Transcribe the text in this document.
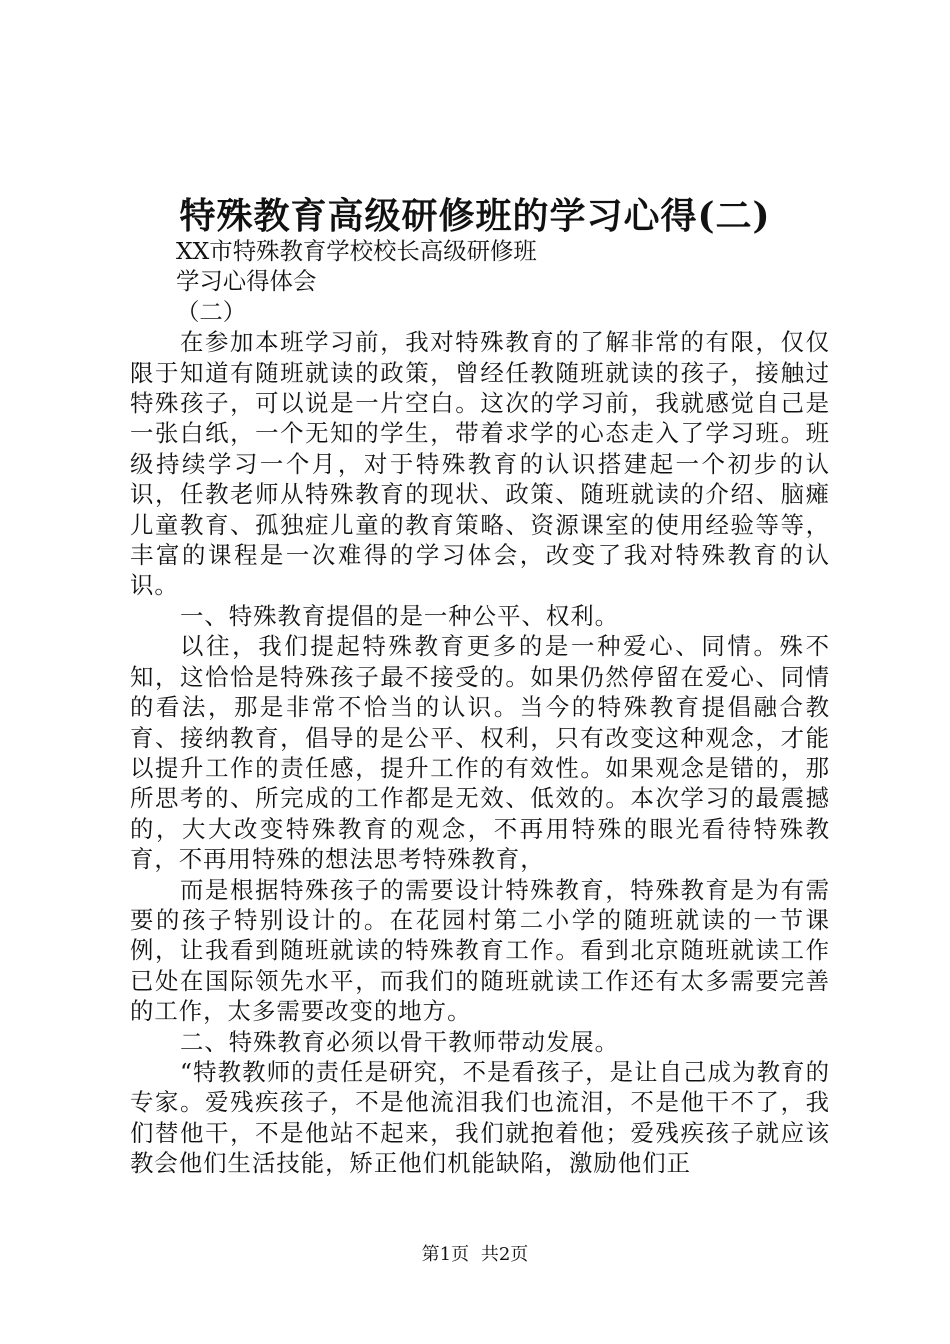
特殊教育高级研修班的学习心得(二)

XX市特殊教育学校校长高级研修班

学习心得体会

（二）

在参加本班学习前，我对特殊教育的了解非常的有限，仅仅限于知道有随班就读的政策，曾经任教随班就读的孩子，接触过特殊孩子，可以说是一片空白。这次的学习前，我就感觉自己是一张白纸，一个无知的学生，带着求学的心态走入了学习班。班级持续学习一个月，对于特殊教育的认识搭建起一个初步的认识，任教老师从特殊教育的现状、政策、随班就读的介绍、脑瘫儿童教育、孤独症儿童的教育策略、资源课室的使用经验等等，丰富的课程是一次难得的学习体会，改变了我对特殊教育的认识。

一、特殊教育提倡的是一种公平、权利。

以往，我们提起特殊教育更多的是一种爱心、同情。殊不知，这恰恰是特殊孩子最不接受的。如果仍然停留在爱心、同情的看法，那是非常不恰当的认识。当今的特殊教育提倡融合教育、接纳教育，倡导的是公平、权利，只有改变这种观念，才能以提升工作的责任感，提升工作的有效性。如果观念是错的，那所思考的、所完成的工作都是无效、低效的。本次学习的最震撼的，大大改变特殊教育的观念，不再用特殊的眼光看待特殊教育，不再用特殊的想法思考特殊教育，

而是根据特殊孩子的需要设计特殊教育，特殊教育是为有需要的孩子特别设计的。在花园村第二小学的随班就读的一节课例，让我看到随班就读的特殊教育工作。看到北京随班就读工作已处在国际领先水平，而我们的随班就读工作还有太多需要完善的工作，太多需要改变的地方。

二、特殊教育必须以骨干教师带动发展。

“特教教师的责任是研究，不是看孩子，是让自己成为教育的专家。爱残疾孩子，不是他流泪我们也流泪，不是他干不了，我们替他干，不是他站不起来，我们就抱着他；爱残疾孩子就应该教会他们生活技能，矫正他们机能缺陷，激励他们正

第1页 共2页
